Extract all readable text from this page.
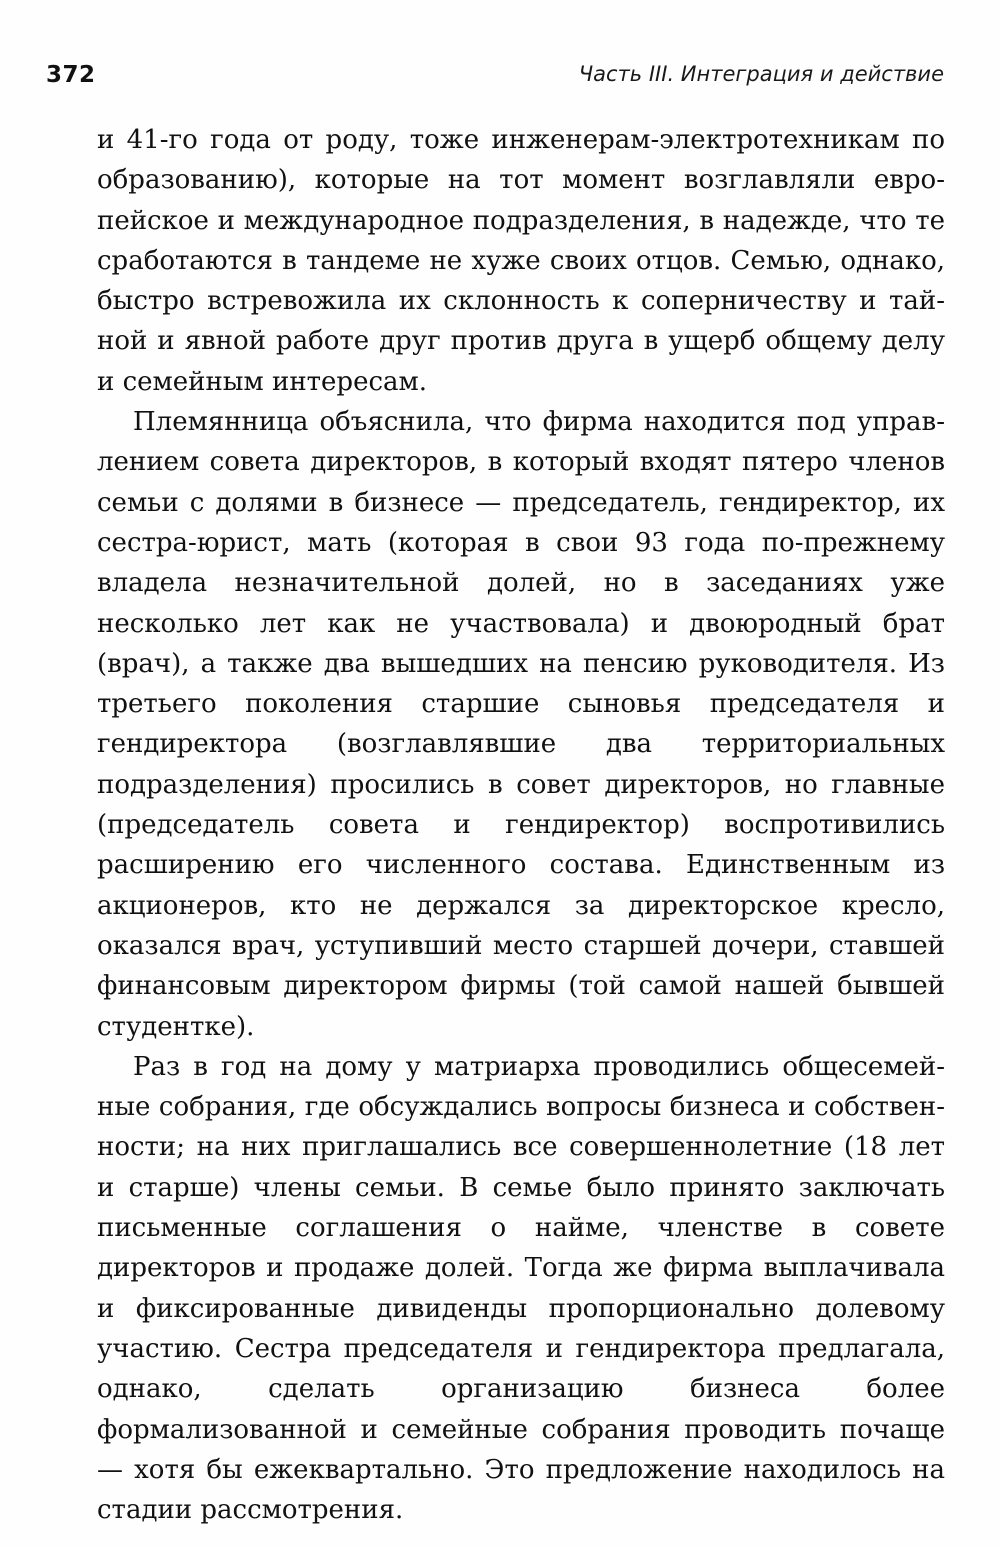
372	Часть III. Интеграция и действие

и 41-го года от роду, тоже инженерам-электротехникам по образованию), которые на тот момент возглавляли европейское и международное подразделения, в надежде, что те сработаются в тандеме не хуже своих отцов. Семью, однако, быстро встревожила их склонность к соперничеству и тайной и явной работе друг против друга в ущерб общему делу и семейным интересам.

Племянница объяснила, что фирма находится под управлением совета директоров, в который входят пятеро членов семьи с долями в бизнесе — председатель, гендиректор, их сестра-юрист, мать (которая в свои 93 года по-прежнему владела незначительной долей, но в заседаниях уже несколько лет как не участвовала) и двоюродный брат (врач), а также два вышедших на пенсию руководителя. Из третьего поколения старшие сыновья председателя и гендиректора (возглавлявшие два территориальных подразделения) просились в совет директоров, но главные (председатель совета и гендиректор) воспротивились расширению его численного состава. Единственным из акционеров, кто не держался за директорское кресло, оказался врач, уступивший место старшей дочери, ставшей финансовым директором фирмы (той самой нашей бывшей студентке).

Раз в год на дому у матриарха проводились общесемейные собрания, где обсуждались вопросы бизнеса и собственности; на них приглашались все совершеннолетние (18 лет и старше) члены семьи. В семье было принято заключать письменные соглашения о найме, членстве в совете директоров и продаже долей. Тогда же фирма выплачивала и фиксированные дивиденды пропорционально долевому участию. Сестра председателя и гендиректора предлагала, однако, сделать организацию бизнеса более формализованной и семейные собрания проводить почаще — хотя бы ежеквартально. Это предложение находилось на стадии рассмотрения.
